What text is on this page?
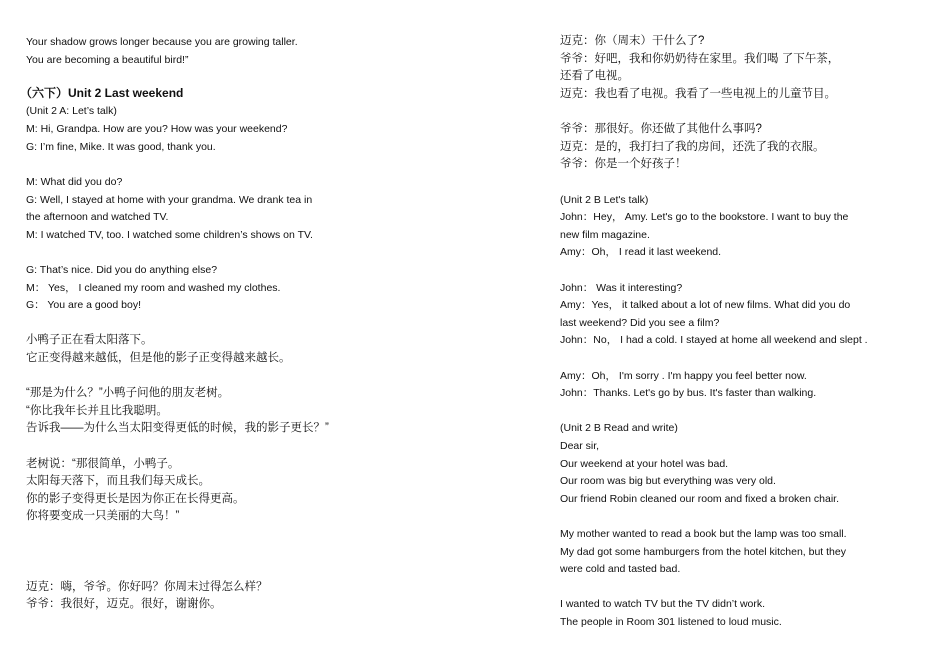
Your shadow grows longer because you are growing taller.
You are becoming a beautiful bird!”
（六下）Unit 2 Last weekend
(Unit 2 A: Let’s talk)
M: Hi, Grandpa. How are you? How was your weekend?
G: I’m fine, Mike. It was good, thank you.
M: What did you do?
G: Well, I stayed at home with your grandma. We drank tea in
the afternoon and watched TV.
M: I watched TV, too. I watched some children’s shows on TV.
G: That’s nice. Did you do anything else?
M： Yes， I cleaned my room and washed my clothes.
G： You are a good boy!
小鸭子正在看太阳落下。
它正变得越来越低，但是他的影子正变得越来越长。
“那是为什么？”小鸭子问他的朋友老树。
“你比我年长并且比我聪明。
告诉我——为什么当太阳变得更低的时候，我的影子更长？”
老树说：“那很简单，小鸭子。
太阳每天落下，而且我们每天成长。
你的影子变得更长是因为你正在长得更高。
你将要变成一只美丽的大鸟！”
迈克：嗨，爷爷。你好吗？你周末过得怎么样？
爷爷：我很好，迈克。很好，谢谢你。
迈克：你（周末）干什么了?
爷爷：好吧，我和你奶奶待在家里。我们喝 了下午茶，
还看了电视。
迈克：我也看了电视。我看了一些电视上的儿童节目。
爷爷：那很好。你还做了其他什么事吗?
迈克：是的，我打扫了我的房间，还洗了我的衣服。
爷爷：你是一个好孩子！
(Unit 2 B Let's talk)
John：Hey， Amy. Let's go to the bookstore. I want to buy the
new film magazine.
Amy：Oh， I read it last weekend.
John： Was it interesting?
Amy：Yes， it talked about a lot of new films. What did you do
last weekend? Did you see a film?
John：No， I had a cold. I stayed at home all weekend and slept .
Amy：Oh， I'm sorry . I'm happy you feel better now.
John：Thanks. Let's go by bus. It's faster than walking.
(Unit 2 B Read and write)
Dear sir,
Our weekend at your hotel was bad.
Our room was big but everything was very old.
Our friend Robin cleaned our room and fixed a broken chair.
My mother wanted to read a book but the lamp was too small.
My dad got some hamburgers from the hotel kitchen, but they
were cold and tasted bad.
I wanted to watch TV but the TV didn’t work.
The people in Room 301 listened to loud music.
